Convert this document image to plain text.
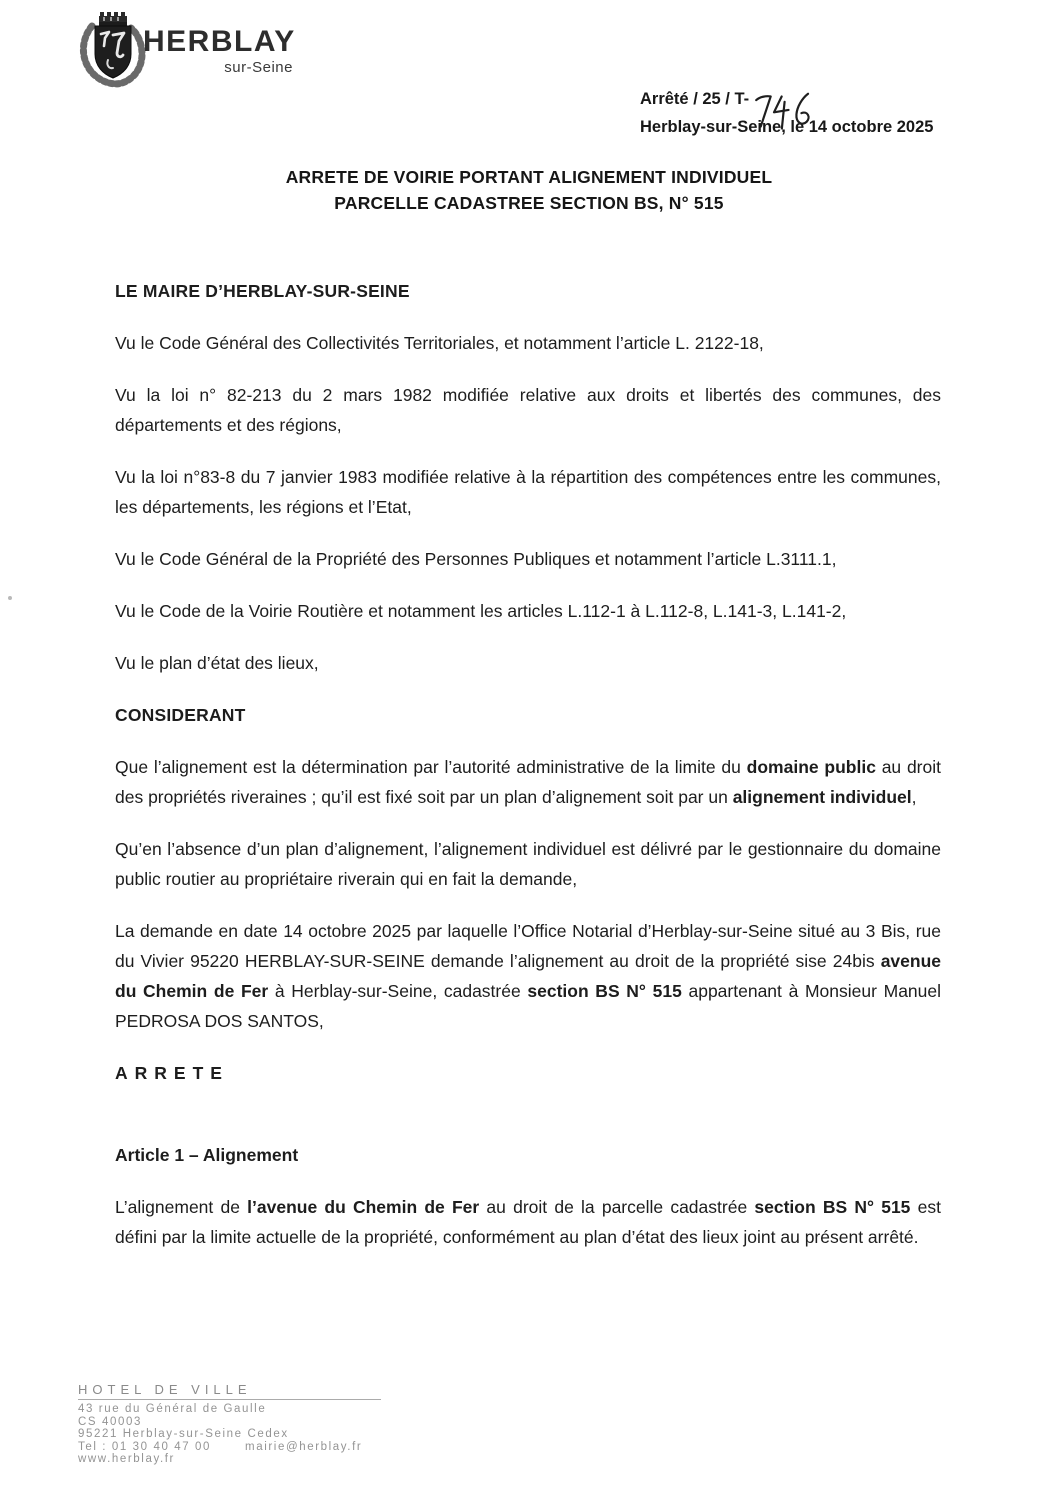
HERBLAY
sur-Seine
Arrêté / 25 / T-
Herblay-sur-Seine, le 14 octobre 2025
ARRETE DE VOIRIE PORTANT ALIGNEMENT INDIVIDUEL
PARCELLE CADASTREE SECTION BS, N° 515

LE MAIRE D’HERBLAY-SUR-SEINE

Vu le Code Général des Collectivités Territoriales, et notamment l’article L. 2122-18,

Vu la loi n° 82-213 du 2 mars 1982 modifiée relative aux droits et libertés des communes, des départements et des régions,

Vu la loi n°83-8 du 7 janvier 1983 modifiée relative à la répartition des compétences entre les communes, les départements, les régions et l’Etat,

Vu le Code Général de la Propriété des Personnes Publiques et notamment l’article L.3111.1,

Vu le Code de la Voirie Routière et notamment les articles L.112-1 à L.112-8, L.141-3, L.141-2,

Vu le plan d’état des lieux,

CONSIDERANT

Que l’alignement est la détermination par l’autorité administrative de la limite du domaine public au droit des propriétés riveraines ; qu’il est fixé soit par un plan d’alignement soit par un alignement individuel,

Qu’en l’absence d’un plan d’alignement, l’alignement individuel est délivré par le gestionnaire du domaine public routier au propriétaire riverain qui en fait la demande,

La demande en date 14 octobre 2025 par laquelle l’Office Notarial d’Herblay-sur-Seine situé au 3 Bis, rue du Vivier 95220 HERBLAY-SUR-SEINE demande l’alignement au droit de la propriété sise 24bis avenue du Chemin de Fer à Herblay-sur-Seine, cadastrée section BS N° 515 appartenant à Monsieur Manuel PEDROSA DOS SANTOS,

ARRETE

Article 1 – Alignement

L’alignement de l’avenue du Chemin de Fer au droit de la parcelle cadastrée section BS N° 515 est défini par la limite actuelle de la propriété, conformément au plan d’état des lieux joint au présent arrêté.

HOTEL DE VILLE
43 rue du Général de Gaulle
CS 40003
95221 Herblay-sur-Seine Cedex
Tel : 01 30 40 47 00	mairie@herblay.fr
www.herblay.fr
